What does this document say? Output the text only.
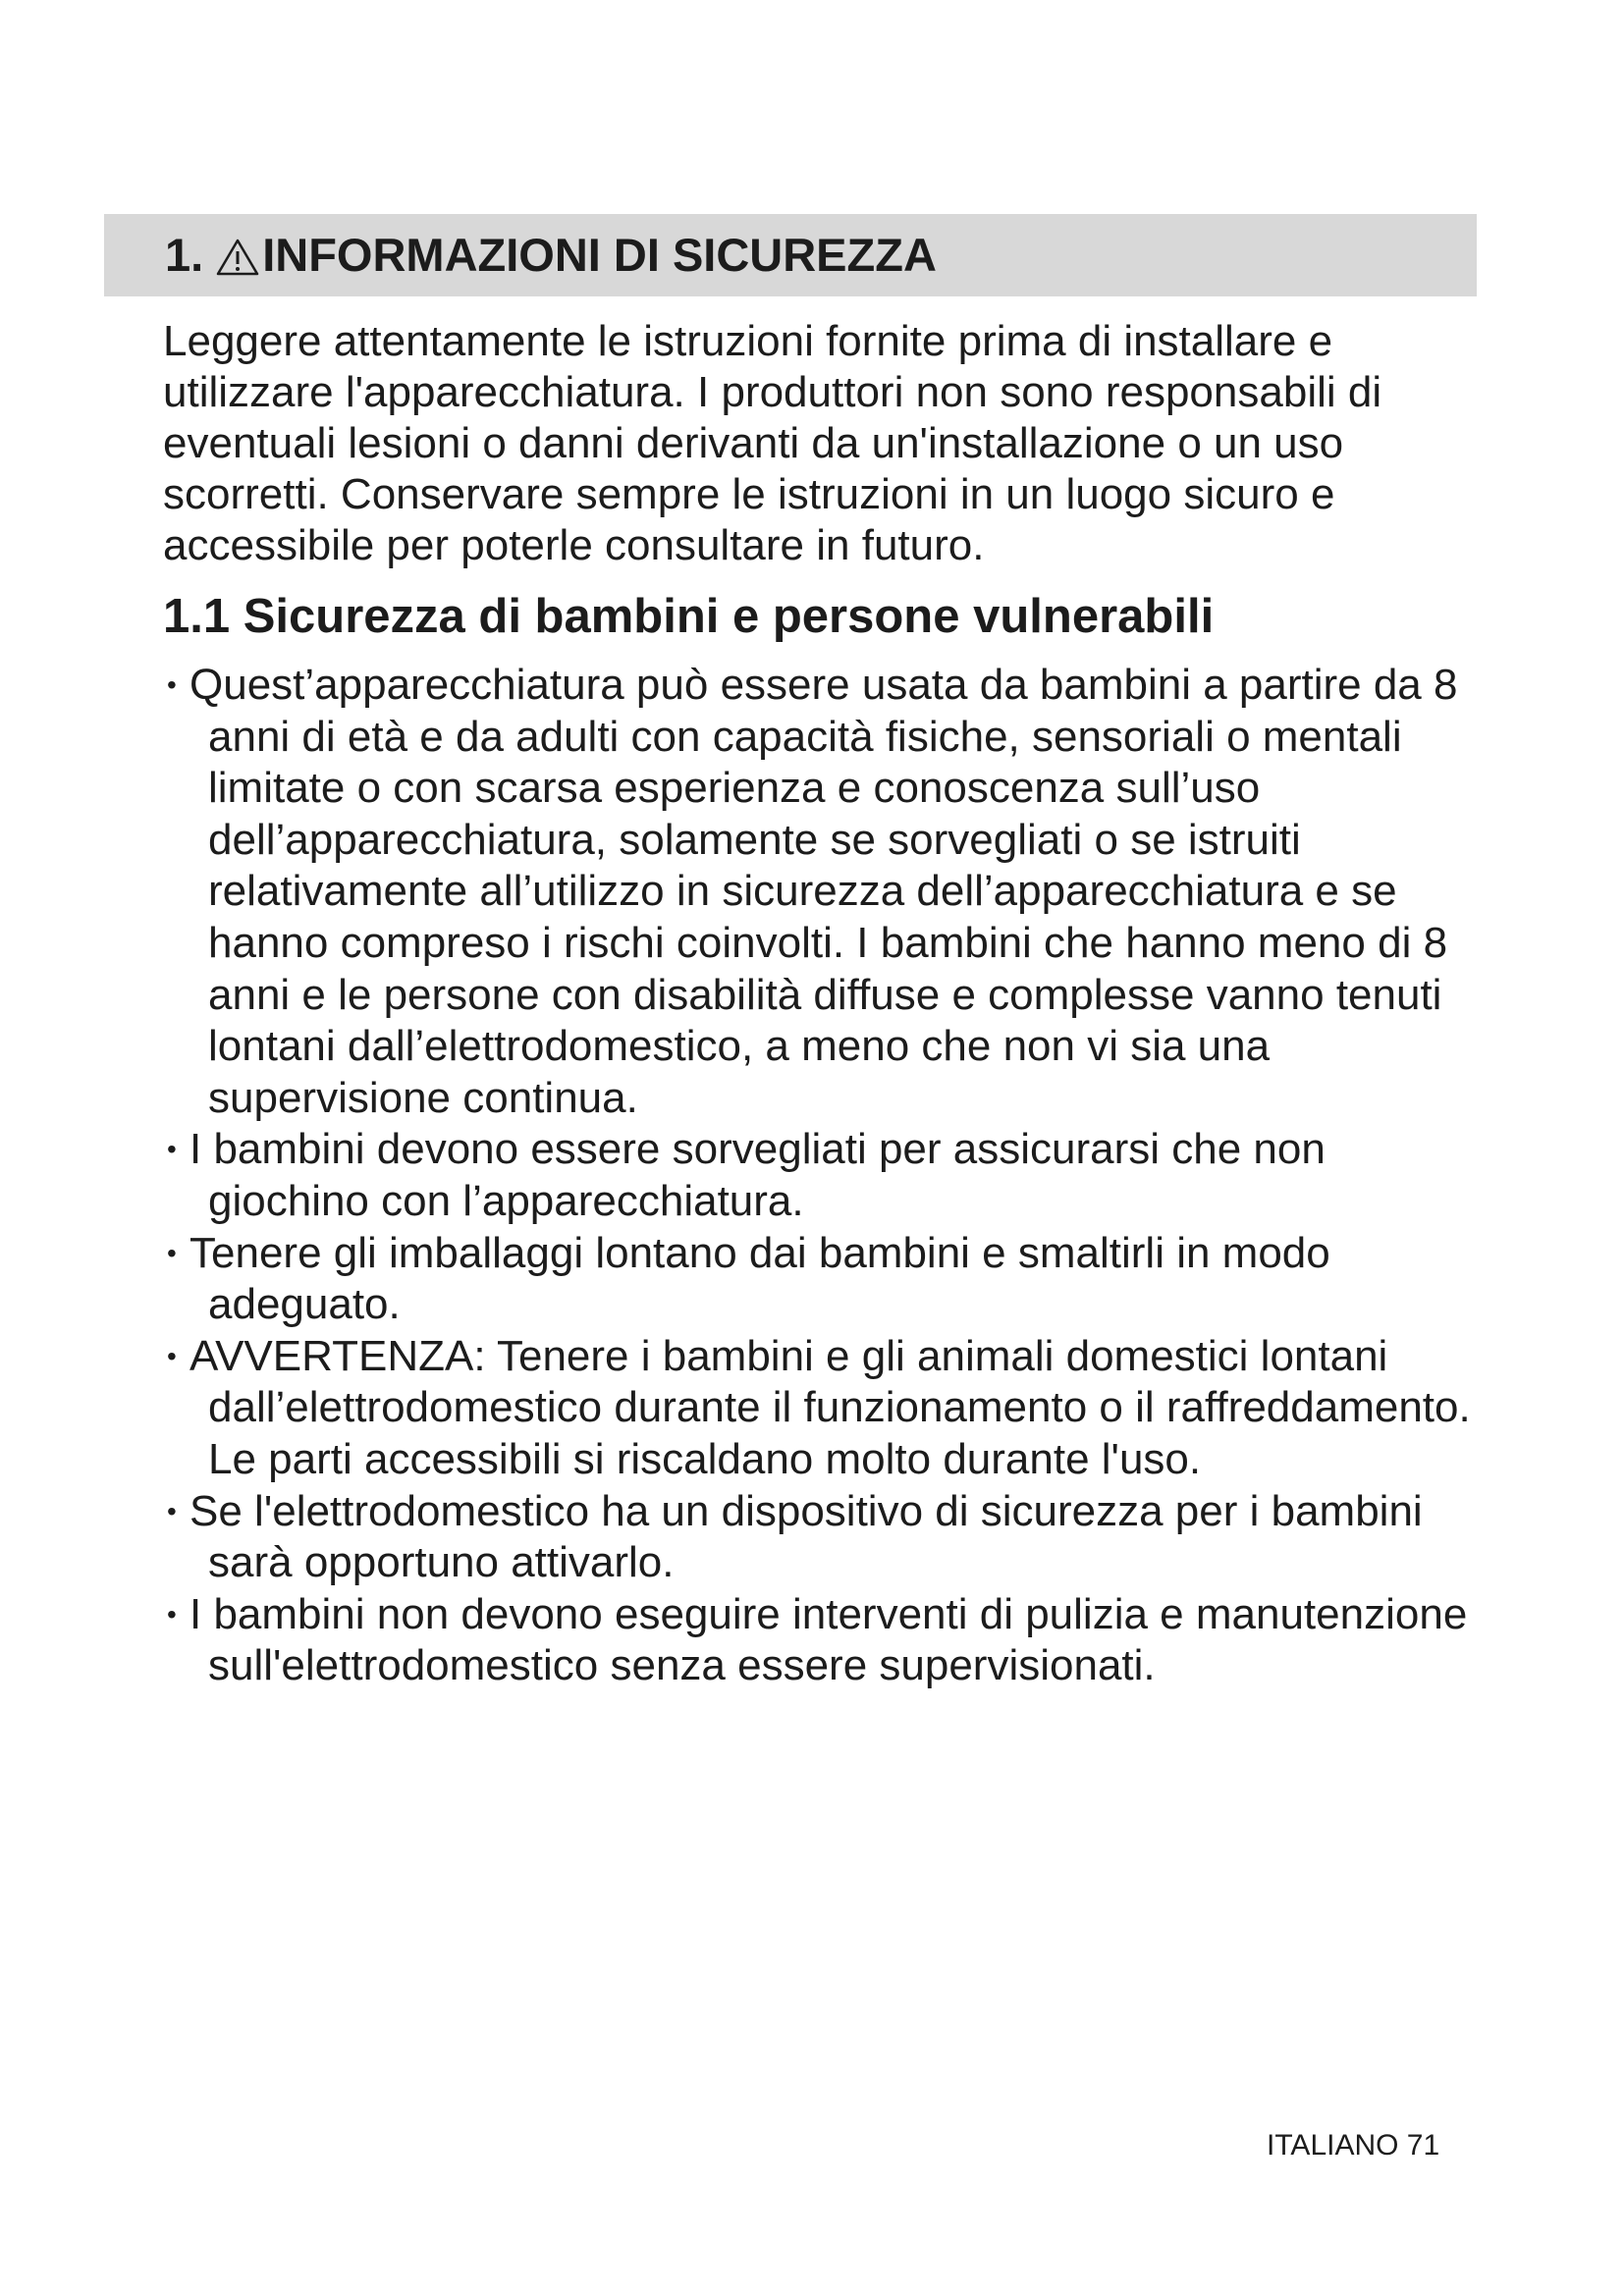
1. INFORMAZIONI DI SICUREZZA

Leggere attentamente le istruzioni fornite prima di installare e utilizzare l'apparecchiatura. I produttori non sono responsabili di eventuali lesioni o danni derivanti da un'installazione o un uso scorretti. Conservare sempre le istruzioni in un luogo sicuro e accessibile per poterle consultare in futuro.

1.1 Sicurezza di bambini e persone vulnerabili
• Quest’apparecchiatura può essere usata da bambini a partire da 8 anni di età e da adulti con capacità fisiche, sensoriali o mentali limitate o con scarsa esperienza e conoscenza sull’uso dell’apparecchiatura, solamente se sorvegliati o se istruiti relativamente all’utilizzo in sicurezza dell’apparecchiatura e se hanno compreso i rischi coinvolti. I bambini che hanno meno di 8 anni e le persone con disabilità diffuse e complesse vanno tenuti lontani dall’elettrodomestico, a meno che non vi sia una supervisione continua.
• I bambini devono essere sorvegliati per assicurarsi che non giochino con l’apparecchiatura.
• Tenere gli imballaggi lontano dai bambini e smaltirli in modo adeguato.
• AVVERTENZA: Tenere i bambini e gli animali domestici lontani dall’elettrodomestico durante il funzionamento o il raffreddamento. Le parti accessibili si riscaldano molto durante l'uso.
• Se l'elettrodomestico ha un dispositivo di sicurezza per i bambini sarà opportuno attivarlo.
• I bambini non devono eseguire interventi di pulizia e manutenzione sull'elettrodomestico senza essere supervisionati.

ITALIANO 71
